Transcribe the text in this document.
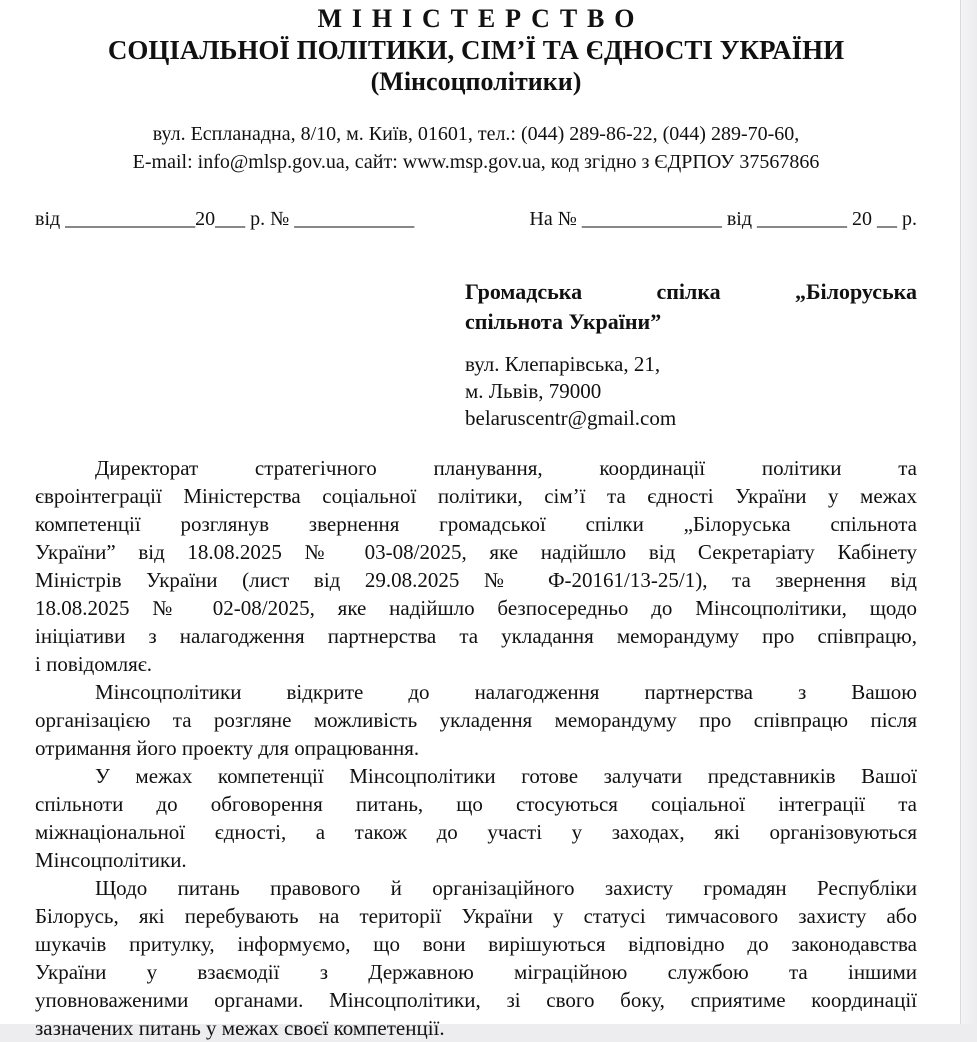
МІНІСТЕРСТВО
СОЦІАЛЬНОЇ ПОЛІТИКИ, СІМ’Ї ТА ЄДНОСТІ УКРАЇНИ
(Мінсоцполітики)
вул. Еспланадна, 8/10, м. Київ, 01601, тел.: (044) 289-86-22, (044) 289-70-60,
E-mail: info@mlsp.gov.ua, сайт: www.msp.gov.ua, код згідно з ЄДРПОУ 37567866
від _____________20___ р. № ____________	На № ______________ від _________ 20 __ р.
Громадська спілка „Білоруська
спільнота України”
вул. Клепарівська, 21,
м. Львів, 79000
belaruscentr@gmail.com
Директорат стратегічного планування, координації політики та
євроінтеграції Міністерства соціальної політики, сім’ї та єдності України у межах
компетенції розглянув звернення громадської спілки „Білоруська спільнота
України” від 18.08.2025 № 03-08/2025, яке надійшло від Секретаріату Кабінету
Міністрів України (лист від 29.08.2025 № Ф-20161/13-25/1), та звернення від
18.08.2025 № 02-08/2025, яке надійшло безпосередньо до Мінсоцполітики, щодо
ініціативи з налагодження партнерства та укладання меморандуму про співпрацю,
і повідомляє.
Мінсоцполітики відкрите до налагодження партнерства з Вашою
організацією та розгляне можливість укладення меморандуму про співпрацю після
отримання його проекту для опрацювання.
У межах компетенції Мінсоцполітики готове залучати представників Вашої
спільноти до обговорення питань, що стосуються соціальної інтеграції та
міжнаціональної єдності, а також до участі у заходах, які організовуються
Мінсоцполітики.
Щодо питань правового й організаційного захисту громадян Республіки
Білорусь, які перебувають на території України у статусі тимчасового захисту або
шукачів притулку, інформуємо, що вони вирішуються відповідно до законодавства
України у взаємодії з Державною міграційною службою та іншими
уповноваженими органами. Мінсоцполітики, зі свого боку, сприятиме координації
зазначених питань у межах своєї компетенції.
